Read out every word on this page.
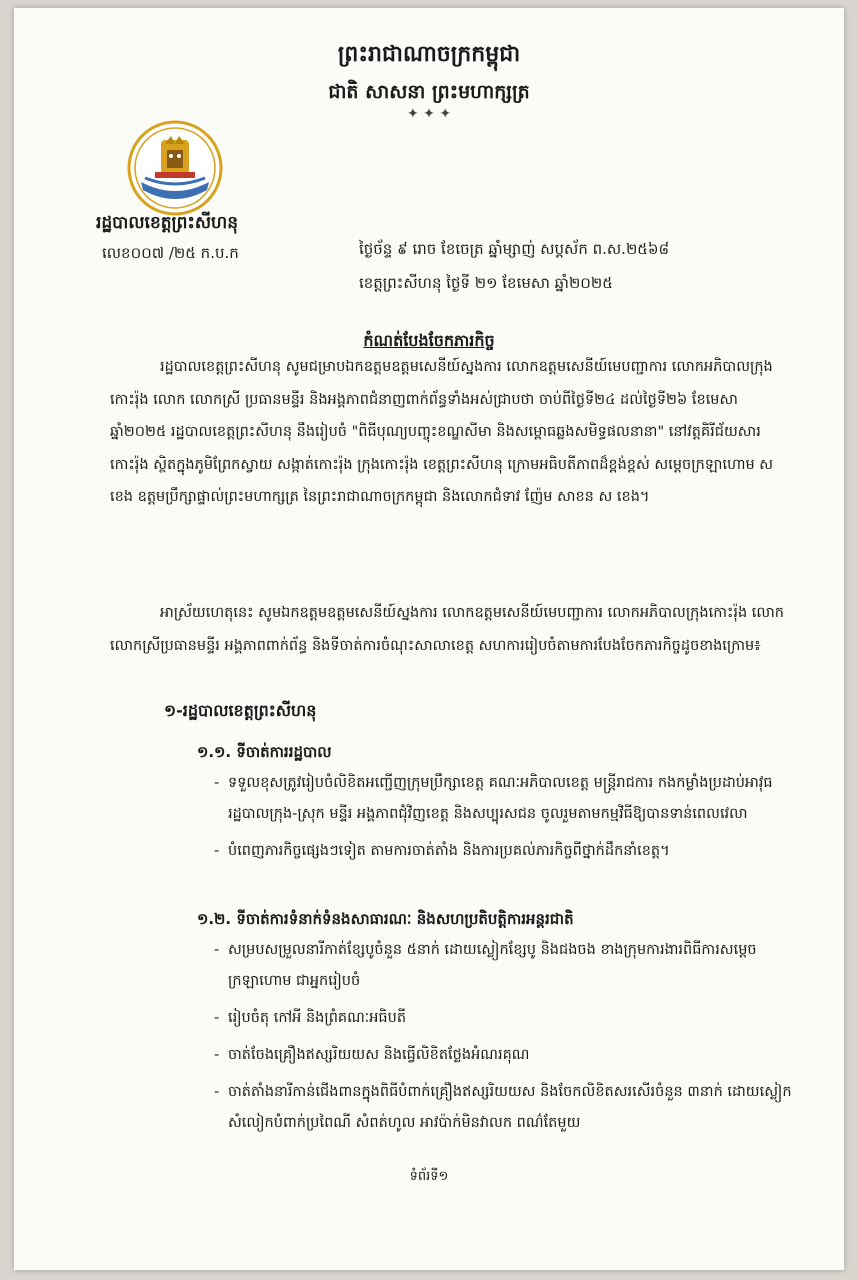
ព្រះរាជាណាចក្រកម្ពុជា
ជាតិ សាសនា ព្រះមហាក្សត្រ
✦ ✦ ✦
រដ្ឋបាលខេត្តព្រះសីហនុ
លេខ០០៧ /២៥ ក.ប.ក	ថ្ងៃច័ន្ទ ៩ រោច ខែចេត្រ ឆ្នាំម្សាញ់ សប្តស័ក ព.ស.២៥៦៨
ខេត្តព្រះសីហនុ ថ្ងៃទី ២១ ខែមេសា ឆ្នាំ២០២៥
កំណត់បែងចែកភារកិច្ច
រដ្ឋបាលខេត្តព្រះសីហនុ សូមជម្រាបឯកឧត្តមឧត្តមសេនីយ៍ស្នងការ លោកឧត្តមសេនីយ៍មេបញ្ជាការ លោកអភិបាលក្រុងកោះរ៉ុង លោក លោកស្រី ប្រធានមន្ទីរ និងអង្គភាពជំនាញពាក់ព័ន្ធទាំងអស់ជ្រាបថា ចាប់ពីថ្ងៃទី២៤ ដល់ថ្ងៃទី២៦ ខែមេសា ឆ្នាំ២០២៥ រដ្ឋបាលខេត្តព្រះសីហនុ នឹងរៀបចំ "ពិធីបុណ្យបញ្ចុះខណ្ឌសីមា និងសម្ពោធឆ្លងសមិទ្ធផលនានា" នៅវត្តគិរីជ័យសារ កោះរ៉ុង ស្ថិតក្នុងភូមិព្រែកស្វាយ សង្កាត់កោះរ៉ុង ក្រុងកោះរ៉ុង ខេត្តព្រះសីហនុ ក្រោមអធិបតីភាពដ៏ខ្ពង់ខ្ពស់ សម្តេចក្រឡាហោម ស ខេង ឧត្តមប្រឹក្សាផ្ទាល់ព្រះមហាក្សត្រ នៃព្រះរាជាណាចក្រកម្ពុជា និងលោកជំទាវ ញ៉ែម សាខន ស ខេង។
អាស្រ័យហេតុនេះ សូមឯកឧត្តមឧត្តមសេនីយ៍ស្នងការ លោកឧត្តមសេនីយ៍មេបញ្ជាការ លោកអភិបាលក្រុងកោះរ៉ុង លោក លោកស្រីប្រធានមន្ទីរ អង្គភាពពាក់ព័ន្ធ និងទីចាត់ការចំណុះសាលាខេត្ត សហការរៀបចំតាមការបែងចែកភារកិច្ចដូចខាងក្រោម៖
១-រដ្ឋបាលខេត្តព្រះសីហនុ
១.១. ទីចាត់ការរដ្ឋបាល
- ទទួលខុសត្រូវរៀបចំលិខិតអញ្ជើញក្រុមប្រឹក្សាខេត្ត គណៈអភិបាលខេត្ត មន្ត្រីរាជការ កងកម្លាំងប្រដាប់អាវុធ រដ្ឋបាលក្រុង-ស្រុក មន្ទីរ អង្គភាពជុំវិញខេត្ត និងសប្បុរសជន ចូលរួមតាមកម្មវិធីឱ្យបានទាន់ពេលវេលា
- បំពេញភារកិច្ចផ្សេងៗទៀត តាមការចាត់តាំង និងការប្រគល់ភារកិច្ចពីថ្នាក់ដឹកនាំខេត្ត។
១.២. ទីចាត់ការទំនាក់ទំនងសាធារណៈ និងសហប្រតិបត្តិការអន្តរជាតិ
- សម្របសម្រួលនារីកាត់ខ្សែបូចំនួន ៥នាក់ ដោយស្លៀកខ្សែបូ និងជងចង ខាងក្រុមការងារពិធីការសម្តេចក្រឡាហោម ជាអ្នករៀបចំ
- រៀបចំតុ កៅអី និងព្រំគណៈអធិបតី
- ចាត់ចែងគ្រឿងឥស្សរិយយស និងធ្វើលិខិតថ្លែងអំណរគុណ
- ចាត់តាំងនារីកាន់ជើងពានក្នុងពិធីបំពាក់គ្រឿងឥស្សរិយយស និងចែកលិខិតសរសើរចំនួន ៣នាក់ ដោយស្លៀកសំលៀកបំពាក់ប្រពៃណី សំពត់ហូល អាវប៉ាក់មិនវាលក ពណ៌តែមួយ
ទំព័រទី១
